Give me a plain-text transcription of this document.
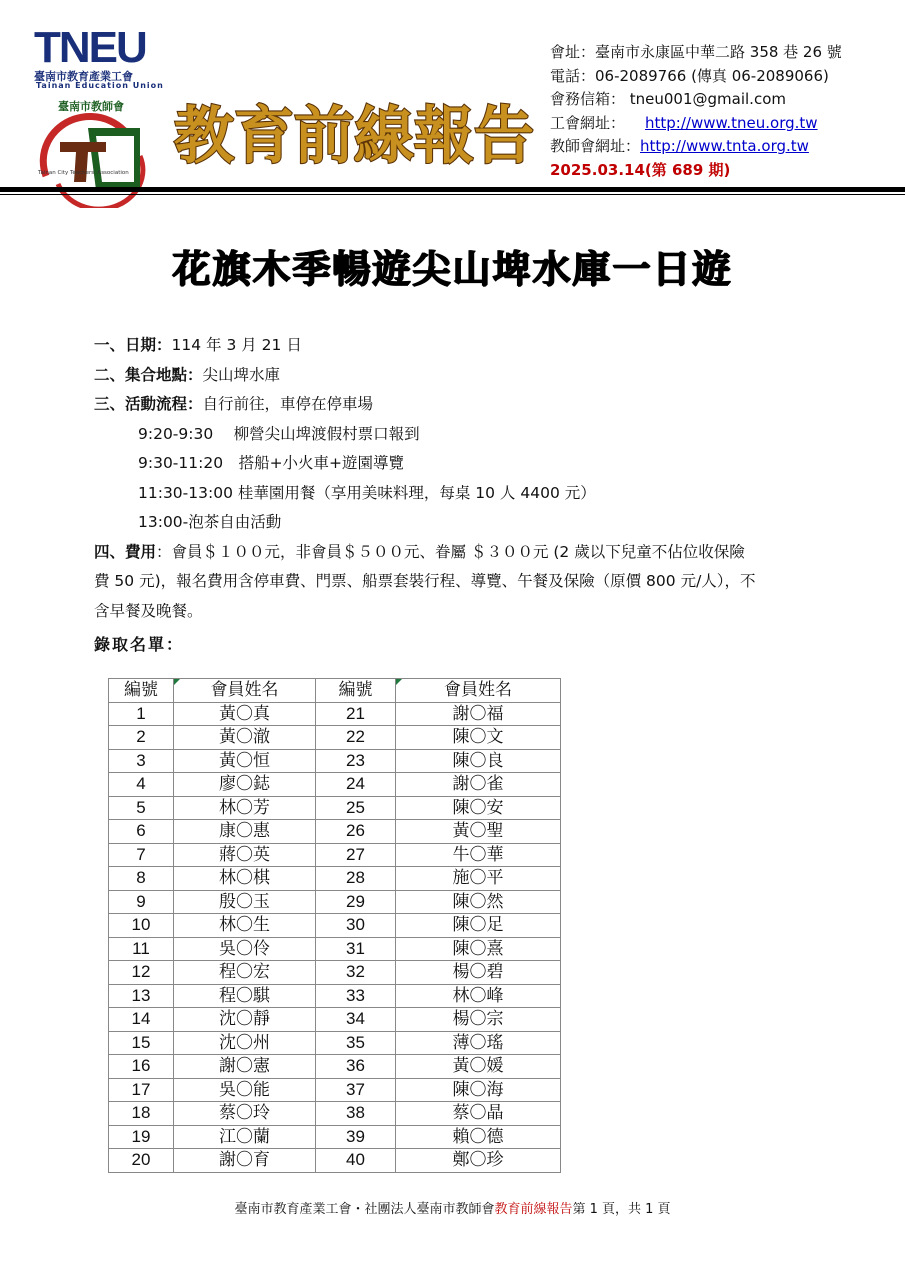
TNEU
臺南市教育產業工會
Tainan Education Union
臺南市教師會
Tainan City Teachers' Association
教育前線報告
會址：臺南市永康區中華二路 358 巷 26 號
電話：06-2089766 (傳真 06-2089066)
會務信箱： tneu001@gmail.com
工會網址： http://www.tneu.org.tw
教師會網址：http://www.tnta.org.tw
2025.03.14(第 689 期)
花旗木季暢遊尖山埤水庫一日遊
一、日期：114 年 3 月 21 日
二、集合地點：尖山埤水庫
三、活動流程：自行前往，車停在停車場
9:20-9:30　 柳營尖山埤渡假村票口報到
9:30-11:20　搭船+小火車+遊園導覽
11:30-13:00 桂華園用餐（享用美味料理，每桌 10 人 4400 元）
13:00-泡茶自由活動
四、費用：會員＄１００元，非會員＄５００元、眷屬 ＄３００元 (2 歲以下兒童不佔位收保險
費 50 元)，報名費用含停車費、門票、船票套裝行程、導覽、午餐及保險（原價 800 元/人），不
含早餐及晚餐。
錄取名單：
編號	會員姓名	編號	會員姓名
1	黃〇真	21	謝〇福
2	黃〇澈	22	陳〇文
3	黃〇恒	23	陳〇良
4	廖〇鋕	24	謝〇雀
5	林〇芳	25	陳〇安
6	康〇惠	26	黃〇聖
7	蔣〇英	27	牛〇華
8	林〇棋	28	施〇平
9	殷〇玉	29	陳〇然
10	林〇生	30	陳〇足
11	吳〇伶	31	陳〇熹
12	程〇宏	32	楊〇碧
13	程〇騏	33	林〇峰
14	沈〇靜	34	楊〇宗
15	沈〇州	35	薄〇瑤
16	謝〇憲	36	黃〇媛
17	吳〇能	37	陳〇海
18	蔡〇玲	38	蔡〇晶
19	江〇蘭	39	賴〇德
20	謝〇育	40	鄭〇珍
臺南市教育產業工會・社團法人臺南市教師會教育前線報告第 1 頁，共 1 頁
